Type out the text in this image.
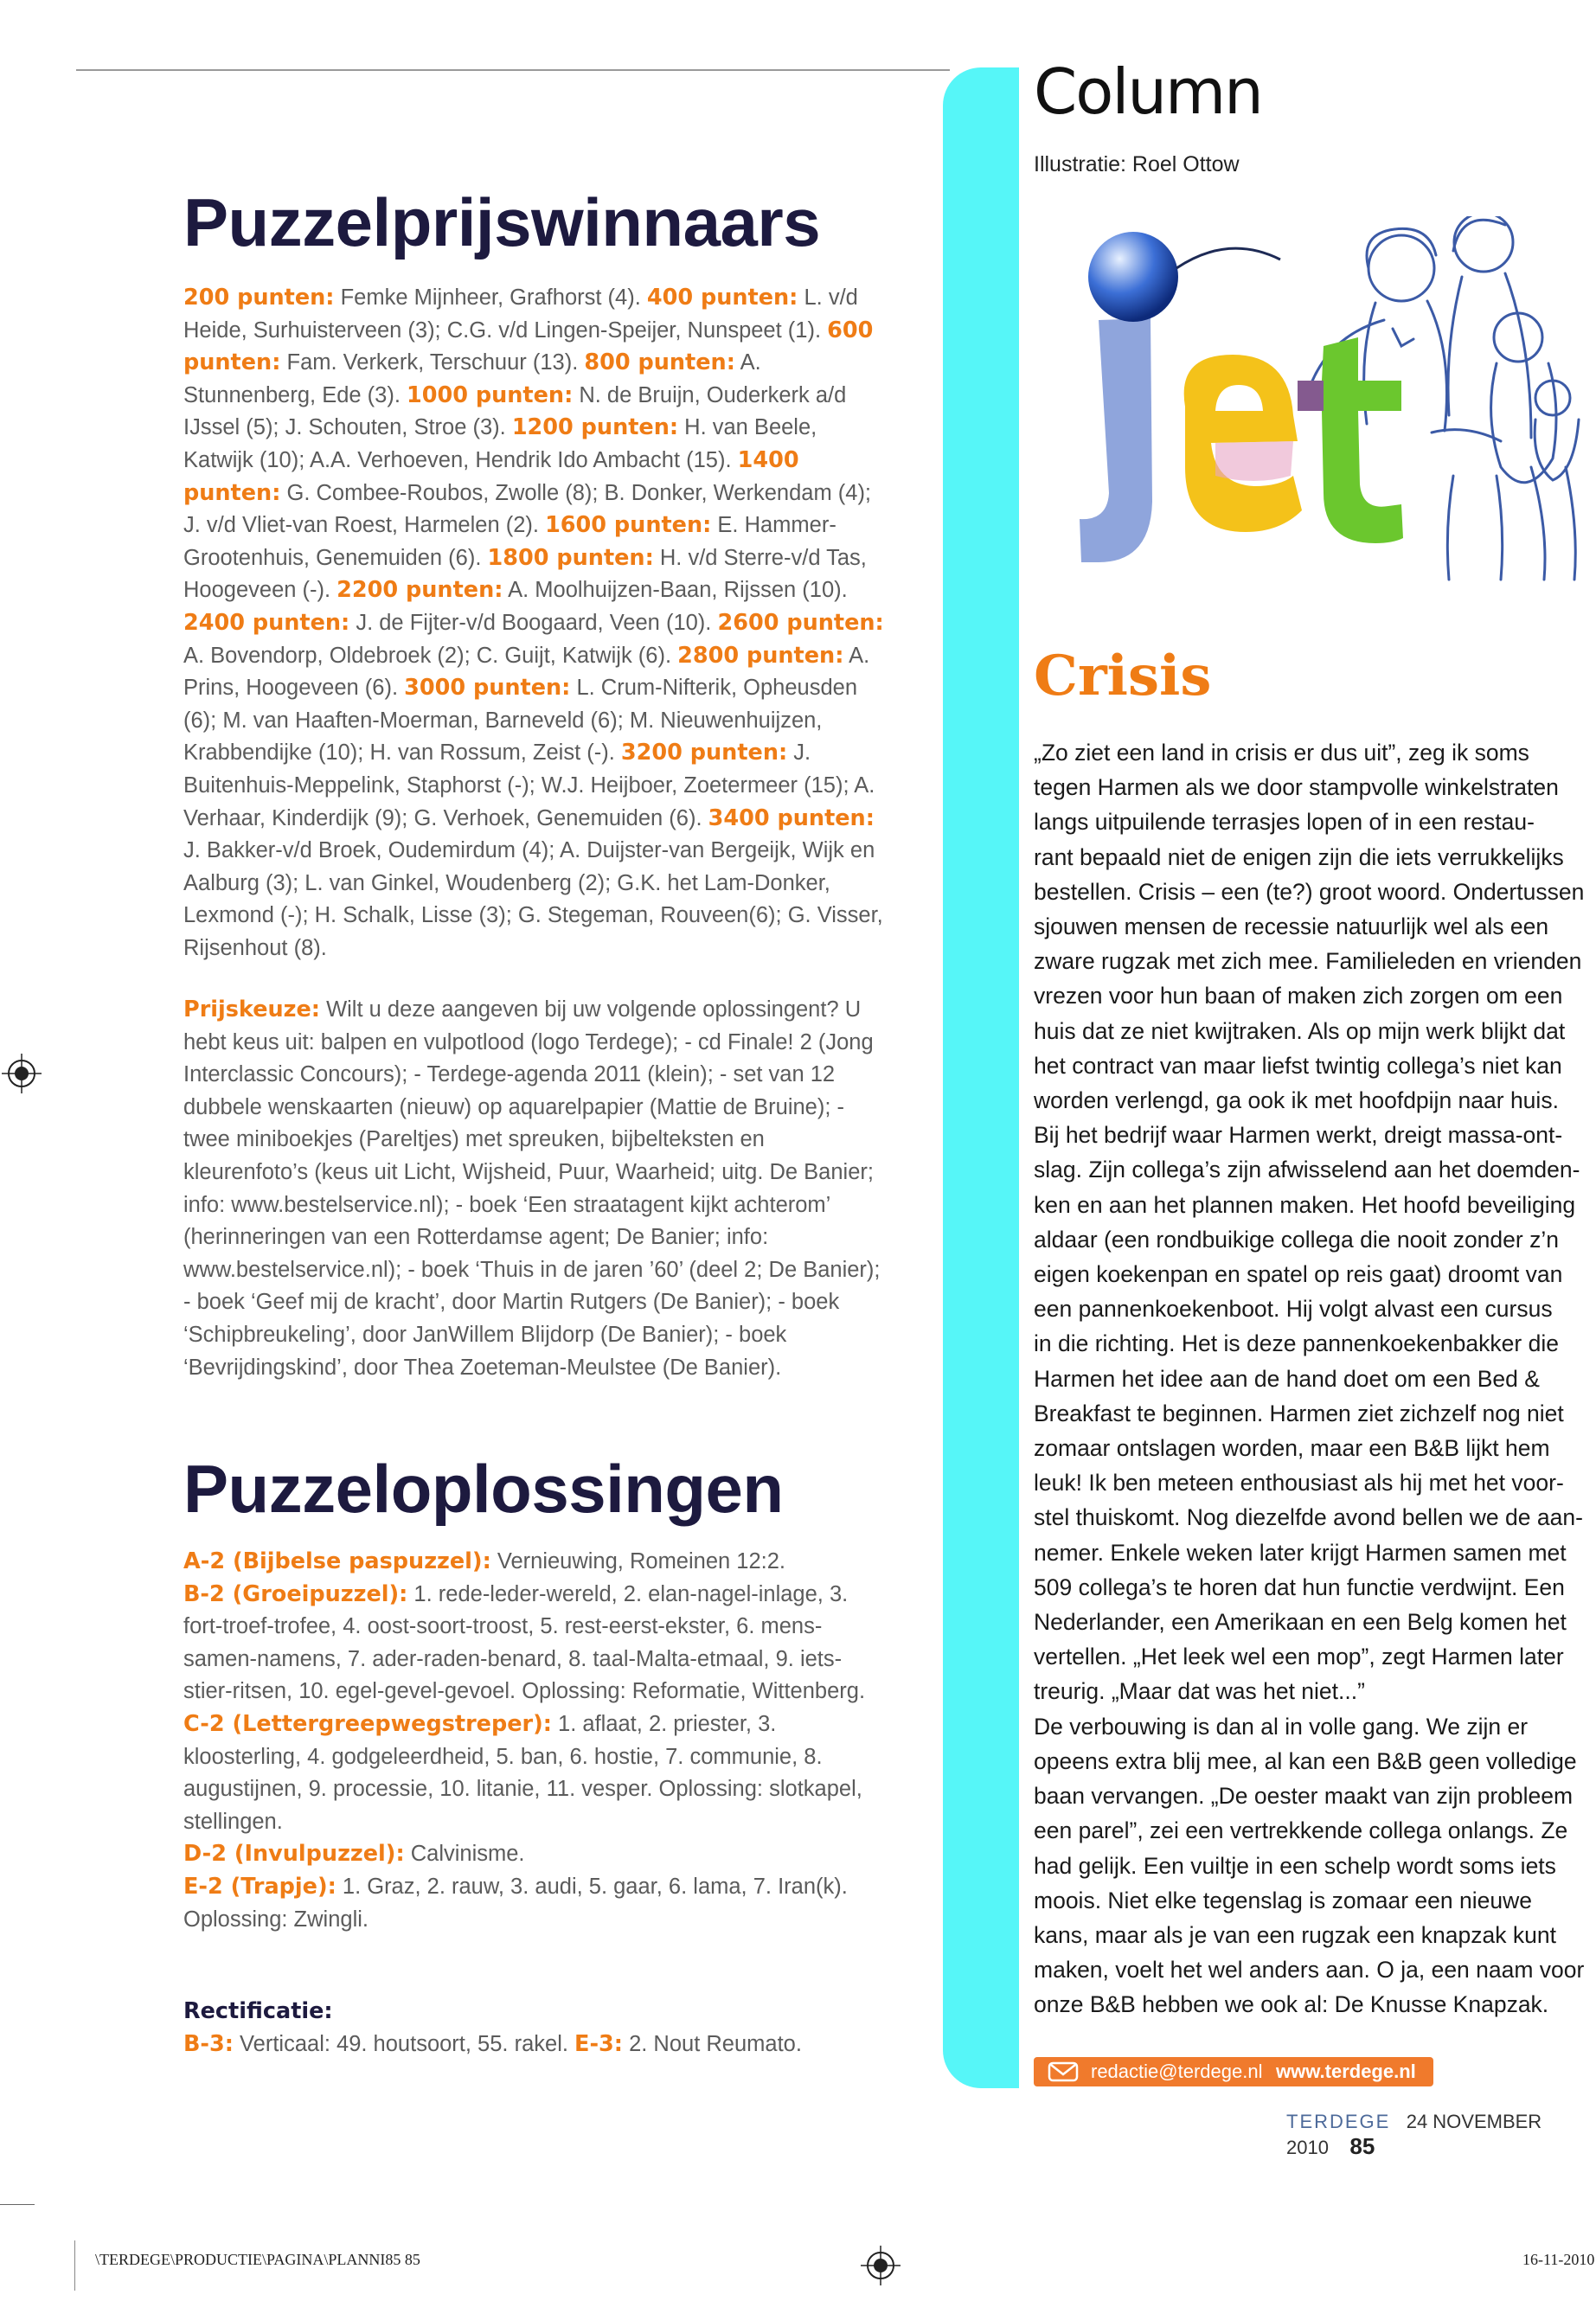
Puzzelprijswinnaars

200 punten: Femke Mijnheer, Grafhorst (4). 400 punten: L. v/d Heide, Surhuisterveen (3); C.G. v/d Lingen-Speijer, Nunspeet (1). 600 punten: Fam. Verkerk, Terschuur (13). 800 punten: A. Stunnenberg, Ede (3). 1000 punten: N. de Bruijn, Ouderkerk a/d IJssel (5); J. Schouten, Stroe (3). 1200 punten: H. van Beele, Katwijk (10); A.A. Verhoeven, Hendrik Ido Ambacht (15). 1400 punten: G. Combee-Roubos, Zwolle (8); B. Donker, Werkendam (4); J. v/d Vliet-van Roest, Harmelen (2). 1600 punten: E. Hammer-Grootenhuis, Genemuiden (6). 1800 punten: H. v/d Sterre-v/d Tas, Hoogeveen (-). 2200 punten: A. Moolhuijzen-Baan, Rijssen (10). 2400 punten: J. de Fijter-v/d Boogaard, Veen (10). 2600 punten: A. Bovendorp, Oldebroek (2); C. Guijt, Katwijk (6). 2800 punten: A. Prins, Hoogeveen (6). 3000 punten: L. Crum-Nifterik, Opheusden (6); M. van Haaften-Moerman, Barneveld (6); M. Nieuwenhuijzen, Krabbendijke (10); H. van Rossum, Zeist (-). 3200 punten: J. Buitenhuis-Meppelink, Staphorst (-); W.J. Heijboer, Zoetermeer (15); A. Verhaar, Kinderdijk (9); G. Verhoek, Genemuiden (6). 3400 punten: J. Bakker-v/d Broek, Oudemirdum (4); A. Duijster-van Bergeijk, Wijk en Aalburg (3); L. van Ginkel, Woudenberg (2); G.K. het Lam-Donker, Lexmond (-); H. Schalk, Lisse (3); G. Stegeman, Rouveen(6); G. Visser, Rijsenhout (8).

Prijskeuze: Wilt u deze aangeven bij uw volgende oplossingent? U hebt keus uit: balpen en vulpotlood (logo Terdege); - cd Finale! 2 (Jong Interclassic Concours); - Terdege-agenda 2011 (klein); - set van 12 dubbele wenskaarten (nieuw) op aquarelpapier (Mattie de Bruine); - twee miniboekjes (Pareltjes) met spreuken, bijbelteksten en kleurenfoto’s (keus uit Licht, Wijsheid, Puur, Waarheid; uitg. De Banier; info: www.bestelservice.nl); - boek ‘Een straatagent kijkt achterom’ (herinneringen van een Rotterdamse agent; De Banier; info: www.bestelservice.nl); - boek ‘Thuis in de jaren ’60’ (deel 2; De Banier); - boek ‘Geef mij de kracht’, door Martin Rutgers (De Banier); - boek ‘Schipbreukeling’, door JanWillem Blijdorp (De Banier); - boek ‘Bevrijdingskind’, door Thea Zoeteman-Meulstee (De Banier).

Puzzeloplossingen

A-2 (Bijbelse paspuzzel): Vernieuwing, Romeinen 12:2.

B-2 (Groeipuzzel): 1. rede-leder-wereld, 2. elan-nagel-inlage, 3. fort-troef-trofee, 4. oost-soort-troost, 5. rest-eerst-ekster, 6. mens-samen-namens, 7. ader-raden-benard, 8. taal-Malta-etmaal, 9. iets-stier-ritsen, 10. egel-gevel-gevoel. Oplossing: Reformatie, Wittenberg.

C-2 (Lettergreepwegstreper): 1. aflaat, 2. priester, 3. kloosterling, 4. godgeleerdheid, 5. ban, 6. hostie, 7. communie, 8. augustijnen, 9. processie, 10. litanie, 11. vesper. Oplossing: slotkapel, stellingen.

D-2 (Invulpuzzel): Calvinisme.

E-2 (Trapje): 1. Graz, 2. rauw, 3. audi, 5. gaar, 6. lama, 7. Iran(k). Oplossing: Zwingli.

Rectificatie:

B-3: Verticaal: 49. houtsoort, 55. rakel. E-3: 2. Nout Reumato.

Column
Illustratie: Roel Ottow
Crisis
„Zo ziet een land in crisis er dus uit”, zeg ik soms
tegen Harmen als we door stampvolle winkelstraten
langs uitpuilende terrasjes lopen of in een restau-
rant bepaald niet de enigen zijn die iets verrukkelijks
bestellen. Crisis – een (te?) groot woord. Ondertussen
sjouwen mensen de recessie natuurlijk wel als een
zware rugzak met zich mee. Familieleden en vrienden
vrezen voor hun baan of maken zich zorgen om een
huis dat ze niet kwijtraken. Als op mijn werk blijkt dat
het contract van maar liefst twintig collega’s niet kan
worden verlengd, ga ook ik met hoofdpijn naar huis.
Bij het bedrijf waar Harmen werkt, dreigt massa-ont-
slag. Zijn collega’s zijn afwisselend aan het doemden-
ken en aan het plannen maken. Het hoofd beveiliging
aldaar (een rondbuikige collega die nooit zonder z’n
eigen koekenpan en spatel op reis gaat) droomt van
een pannenkoekenboot. Hij volgt alvast een cursus
in die richting. Het is deze pannenkoekenbakker die
Harmen het idee aan de hand doet om een Bed &
Breakfast te beginnen. Harmen ziet zichzelf nog niet
zomaar ontslagen worden, maar een B&B lijkt hem
leuk! Ik ben meteen enthousiast als hij met het voor-
stel thuiskomt. Nog diezelfde avond bellen we de aan-
nemer. Enkele weken later krijgt Harmen samen met
509 collega’s te horen dat hun functie verdwijnt. Een
Nederlander, een Amerikaan en een Belg komen het
vertellen. „Het leek wel een mop”, zegt Harmen later
treurig. „Maar dat was het niet...”
De verbouwing is dan al in volle gang. We zijn er
opeens extra blij mee, al kan een B&B geen volledige
baan vervangen. „De oester maakt van zijn probleem
een parel”, zei een vertrekkende collega onlangs. Ze
had gelijk. Een vuiltje in een schelp wordt soms iets
moois. Niet elke tegenslag is zomaar een nieuwe
kans, maar als je van een rugzak een knapzak kunt
maken, voelt het wel anders aan. O ja, een naam voor
onze B&B hebben we ook al: De Knusse Knapzak.
redactie@terdege.nl www.terdege.nl
TERDEGE 24 NOVEMBER 2010 85
\TERDEGE\PRODUCTIE\PAGINA\PLANNI85 85	16-11-2010
